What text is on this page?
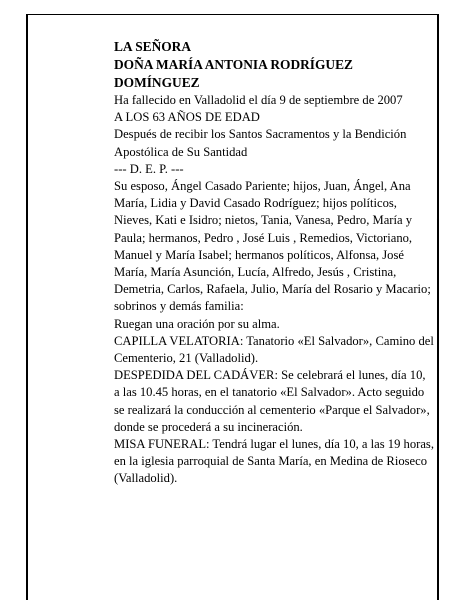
LA SEÑORA

DOÑA MARÍA ANTONIA RODRÍGUEZ DOMÍNGUEZ

Ha fallecido en Valladolid el día 9 de septiembre de 2007

A LOS 63 AÑOS DE EDAD

Después de recibir los Santos Sacramentos y la Bendición Apostólica de Su Santidad

--- D. E. P. ---

Su esposo, Ángel Casado Pariente; hijos, Juan, Ángel, Ana María, Lidia y David Casado Rodríguez; hijos políticos, Nieves, Kati e Isidro; nietos, Tania, Vanesa, Pedro, María y Paula; hermanos, Pedro , José Luis , Remedios, Victoriano, Manuel y María Isabel; hermanos políticos, Alfonsa, José María, María Asunción, Lucía, Alfredo, Jesús , Cristina, Demetria, Carlos, Rafaela, Julio, María del Rosario y Macario; sobrinos y demás familia:

Ruegan una oración por su alma.

CAPILLA VELATORIA: Tanatorio «El Salvador», Camino del Cementerio, 21 (Valladolid).

DESPEDIDA DEL CADÁVER: Se celebrará el lunes, día 10, a las 10.45 horas, en el tanatorio «El Salvador». Acto seguido se realizará la conducción al cementerio «Parque el Salvador», donde se procederá a su incineración.

MISA FUNERAL: Tendrá lugar el lunes, día 10, a las 19 horas, en la iglesia parroquial de Santa María, en Medina de Rioseco (Valladolid).
